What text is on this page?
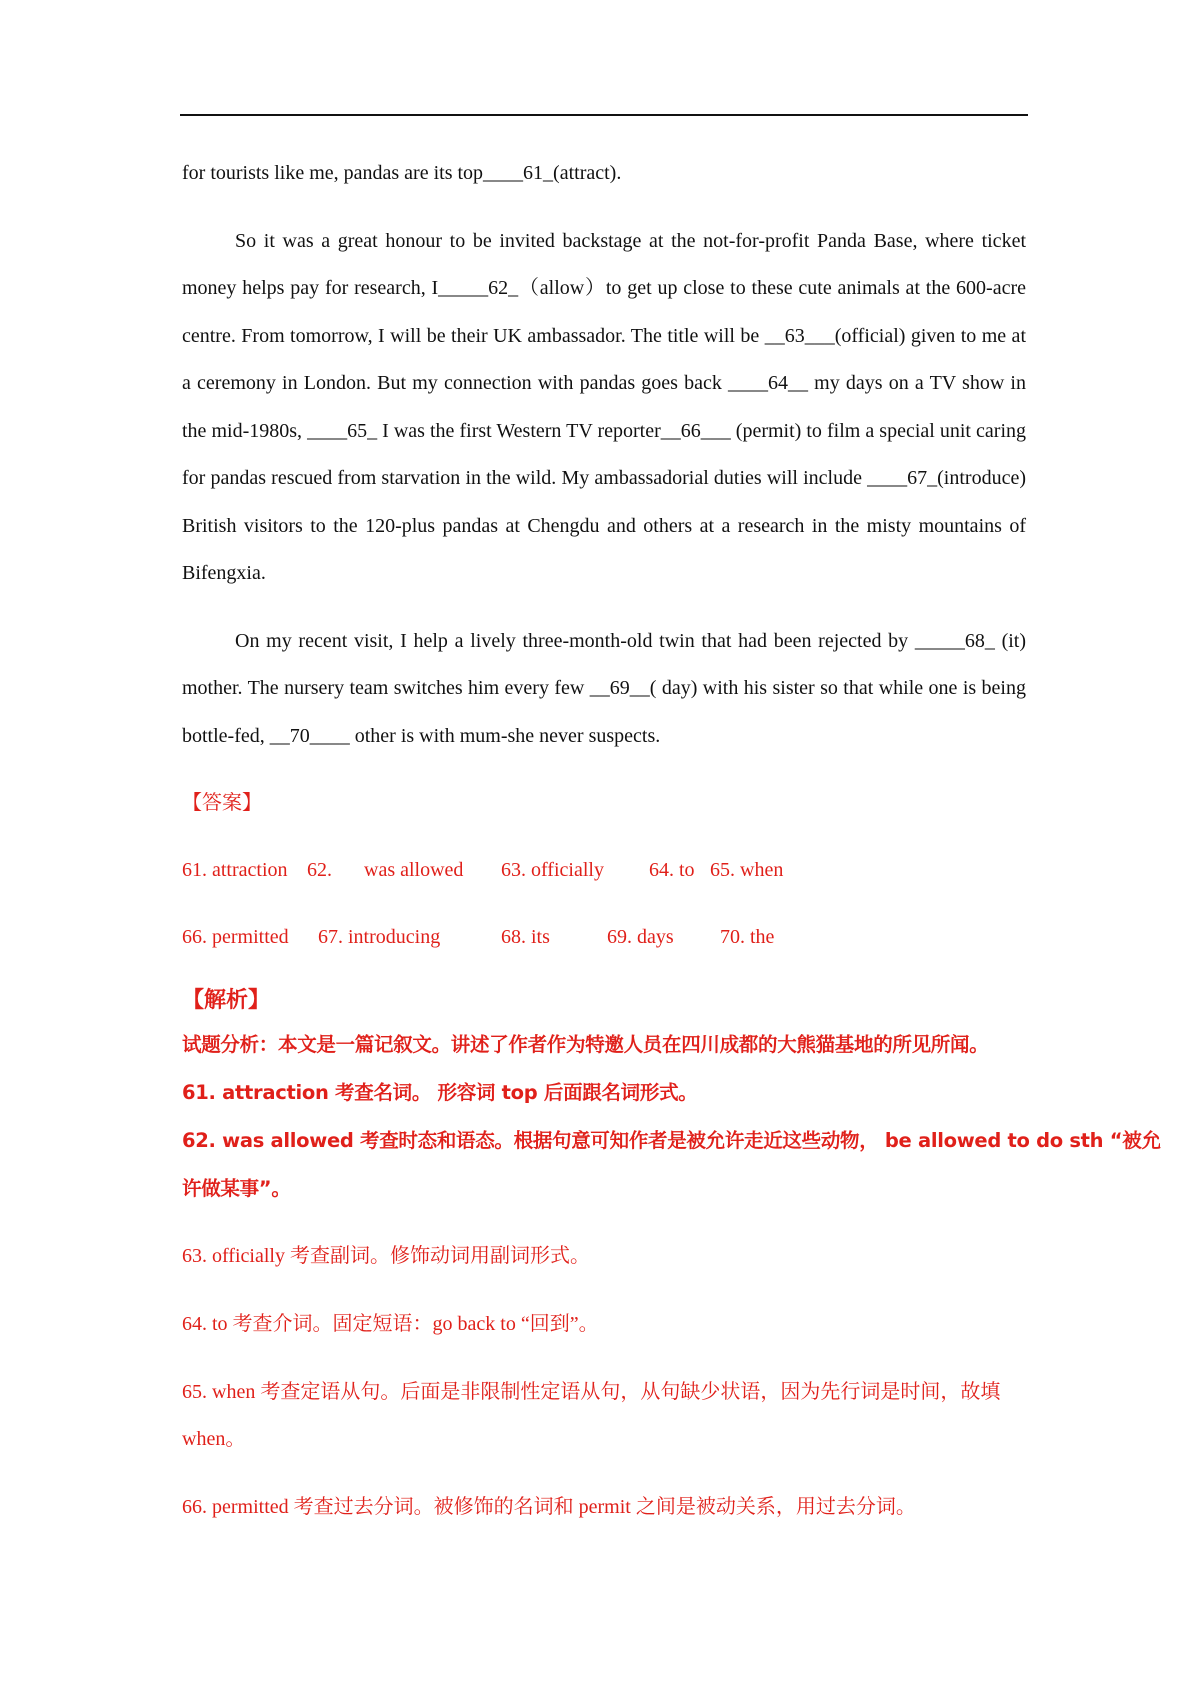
for tourists like me, pandas are its top____61_(attract).

So it was a great honour to be invited backstage at the not-for-profit Panda Base, where ticket money helps pay for research, I_____62_（allow）to get up close to these cute animals at the 600-acre centre. From tomorrow, I will be their UK ambassador. The title will be __63___(official) given to me at a ceremony in London. But my connection with pandas goes back ____64__ my days on a TV show in the mid-1980s, ____65_ I was the first Western TV reporter__66___ (permit) to film a special unit caring for pandas rescued from starvation in the wild. My ambassadorial duties will include ____67_(introduce) British visitors to the 120-plus pandas at Chengdu and others at a research in the misty mountains of Bifengxia.

On my recent visit, I help a lively three-month-old twin that had been rejected by _____68_ (it) mother. The nursery team switches him every few __69__( day) with his sister so that while one is being bottle-fed, __70____ other is with mum-she never suspects.

【答案】

61. attraction 62. was allowed 63. officially 64. to 65. when
66. permitted 67. introducing	68. its	69. days 70. the

【解析】

试题分析：本文是一篇记叙文。讲述了作者作为特邀人员在四川成都的大熊猫基地的所见所闻。

61. attraction 考查名词。 形容词 top 后面跟名词形式。

62. was allowed 考查时态和语态。根据句意可知作者是被允许走近这些动物， be allowed to do sth “被允许做某事”。

63. officially 考查副词。修饰动词用副词形式。

64. to 考查介词。固定短语：go back to “回到”。

65. when 考查定语从句。后面是非限制性定语从句，从句缺少状语，因为先行词是时间，故填 when。

66. permitted 考查过去分词。被修饰的名词和 permit 之间是被动关系，用过去分词。
